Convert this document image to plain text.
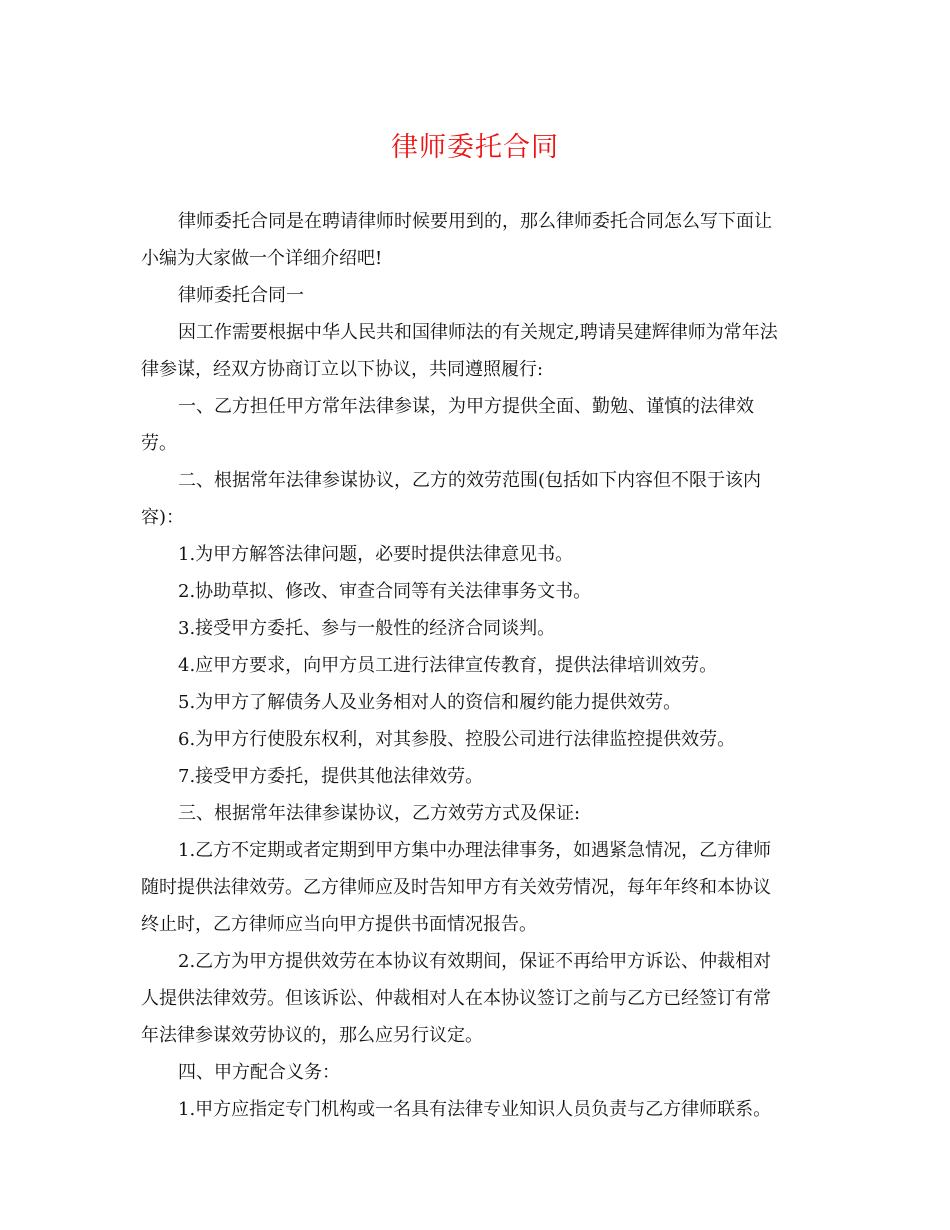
律师委托合同
律师委托合同是在聘请律师时候要用到的，那么律师委托合同怎么写下面让
小编为大家做一个详细介绍吧!
律师委托合同一
因工作需要根据中华人民共和国律师法的有关规定,聘请吴建辉律师为常年法
律参谋，经双方协商订立以下协议，共同遵照履行:
一、乙方担任甲方常年法律参谋，为甲方提供全面、勤勉、谨慎的法律效
劳。
二、根据常年法律参谋协议，乙方的效劳范围(包括如下内容但不限于该内
容)：
1.为甲方解答法律问题，必要时提供法律意见书。
2.协助草拟、修改、审查合同等有关法律事务文书。
3.接受甲方委托、参与一般性的经济合同谈判。
4.应甲方要求，向甲方员工进行法律宣传教育，提供法律培训效劳。
5.为甲方了解债务人及业务相对人的资信和履约能力提供效劳。
6.为甲方行使股东权利，对其参股、控股公司进行法律监控提供效劳。
7.接受甲方委托，提供其他法律效劳。
三、根据常年法律参谋协议，乙方效劳方式及保证:
1.乙方不定期或者定期到甲方集中办理法律事务，如遇紧急情况，乙方律师
随时提供法律效劳。乙方律师应及时告知甲方有关效劳情况，每年年终和本协议
终止时，乙方律师应当向甲方提供书面情况报告。
2.乙方为甲方提供效劳在本协议有效期间，保证不再给甲方诉讼、仲裁相对
人提供法律效劳。但该诉讼、仲裁相对人在本协议签订之前与乙方已经签订有常
年法律参谋效劳协议的，那么应另行议定。
四、甲方配合义务：
1.甲方应指定专门机构或一名具有法律专业知识人员负责与乙方律师联系。
